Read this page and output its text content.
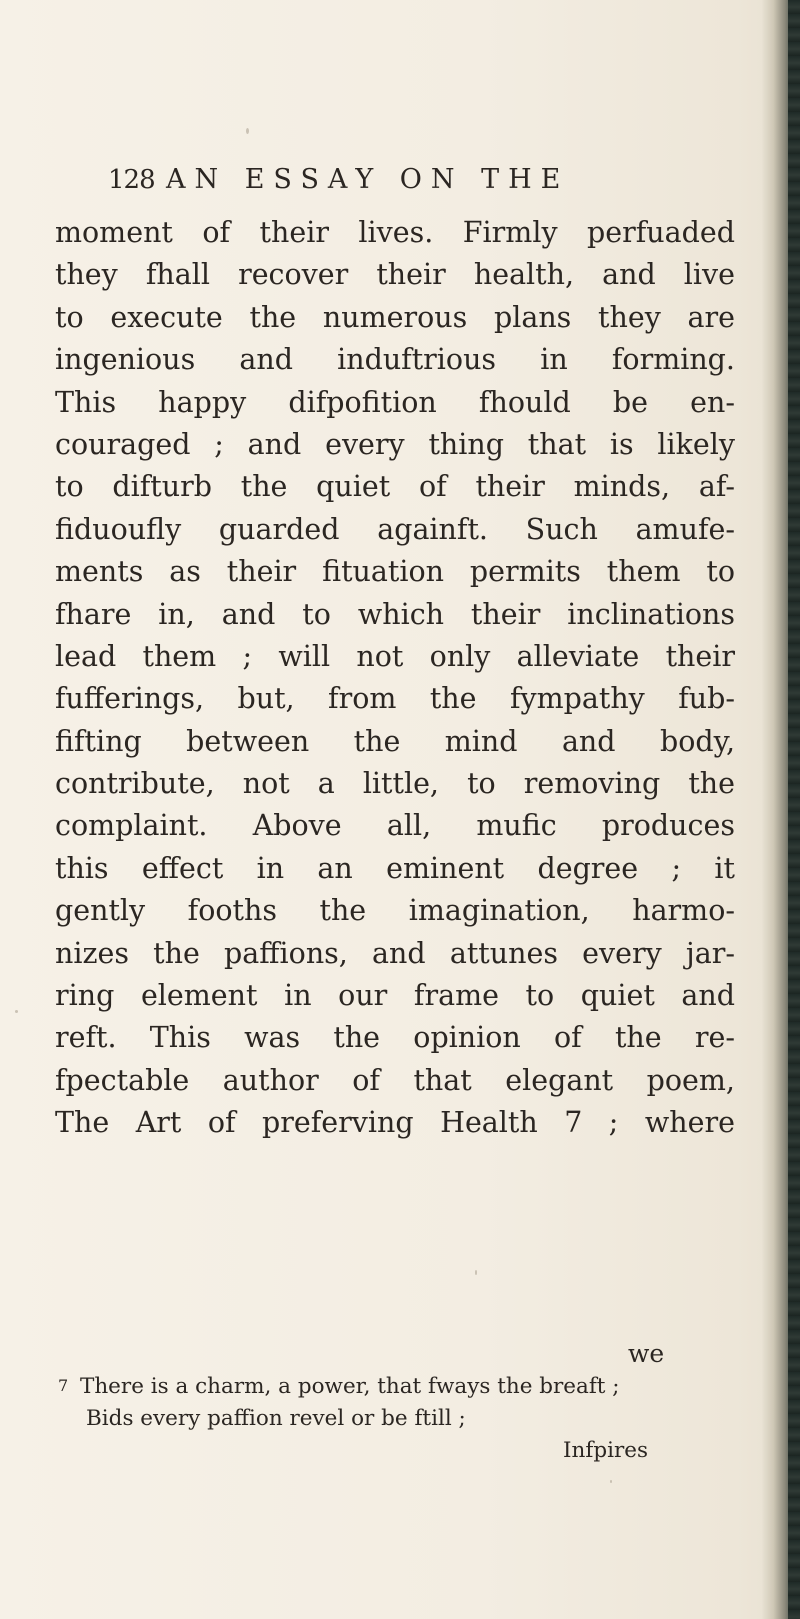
128 AN ESSAY ON THE
moment of their lives. Firmly perfuaded
they fhall recover their health, and live
to execute the numerous plans they are
ingenious and induftrious in forming.
This happy difpofition fhould be en-
couraged ; and every thing that is likely
to difturb the quiet of their minds, af-
fiduoufly guarded againft. Such amufe-
ments as their fituation permits them to
fhare in, and to which their inclinations
lead them ; will not only alleviate their
fufferings, but, from the fympathy fub-
fifting between the mind and body,
contribute, not a little, to removing the
complaint. Above all, mufic produces
this effect in an eminent degree ; it
gently fooths the imagination, harmo-
nizes the paffions, and attunes every jar-
ring element in our frame to quiet and
reft. This was the opinion of the re-
fpectable author of that elegant poem,
The Art of preferving Health 7 ; where
we
7 There is a charm, a power, that fways the breaft ;
Bids every paffion revel or be ftill ;
Infpires
